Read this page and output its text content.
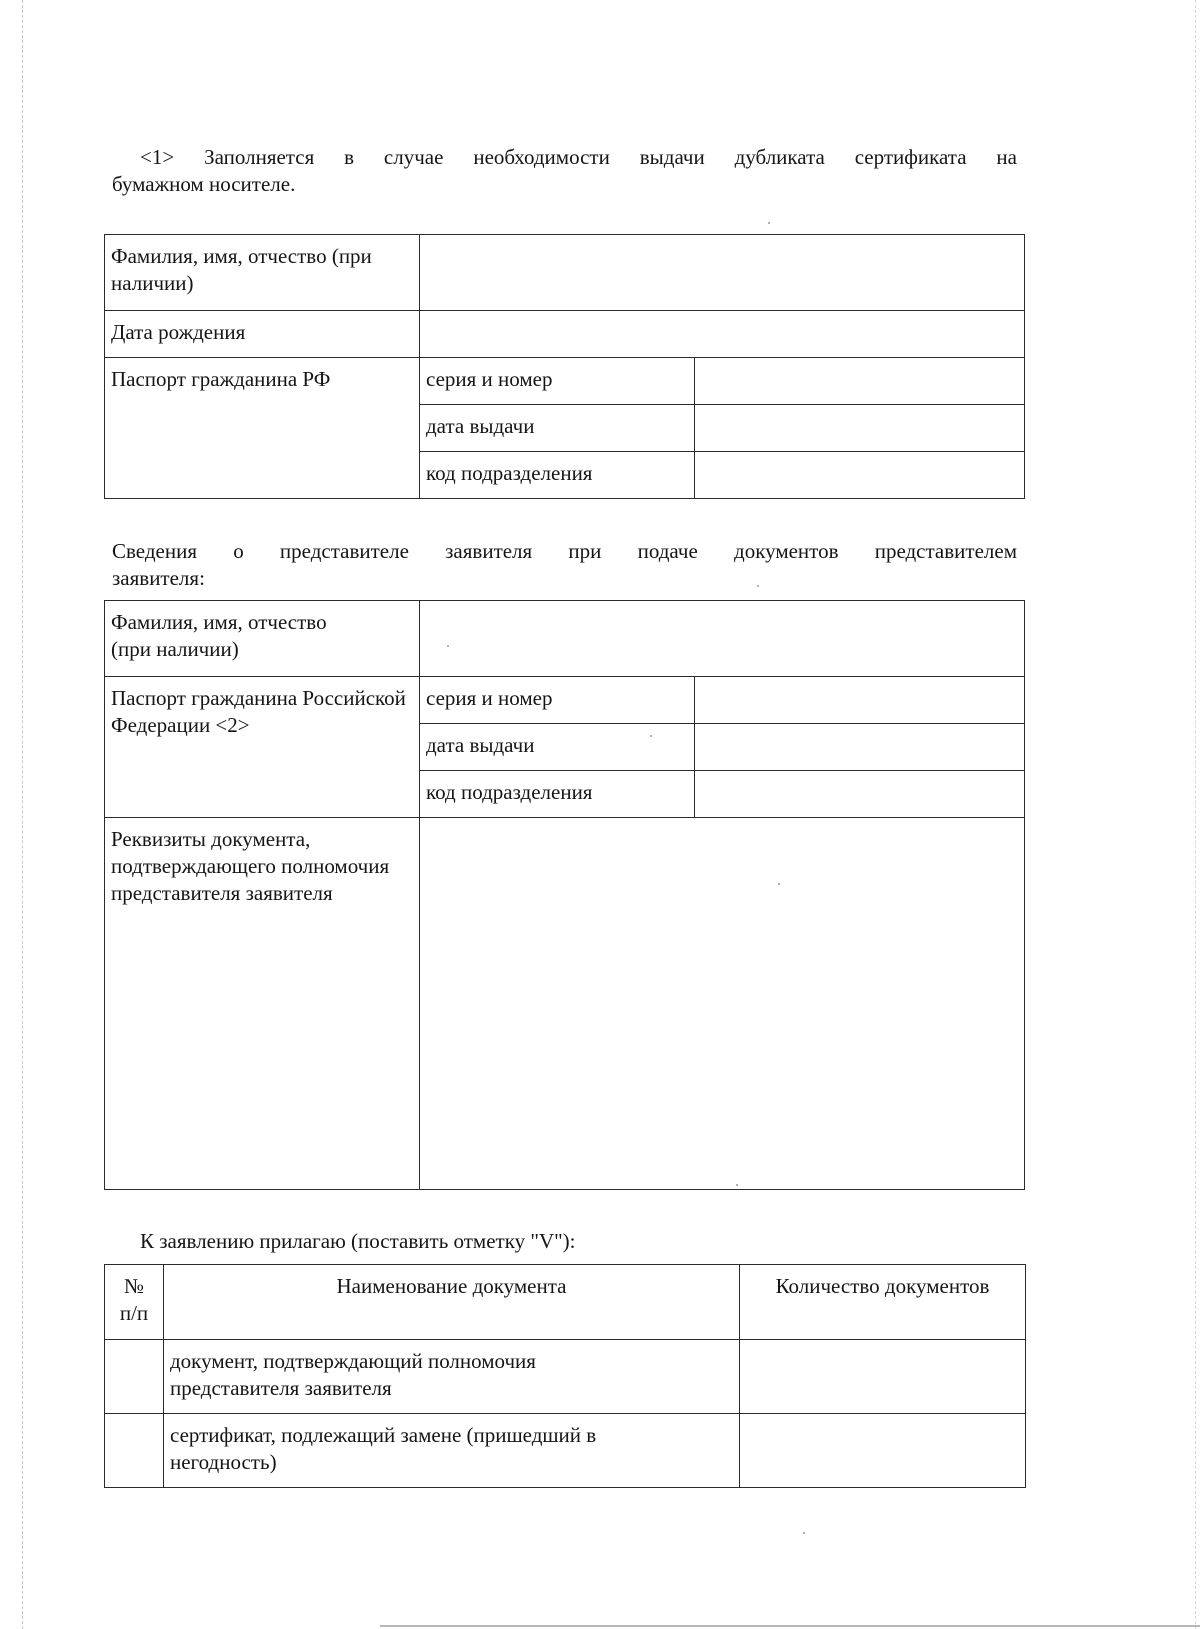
<1> Заполняется в случае необходимости выдачи дубликата сертификата на
бумажном носителе.
Фамилия, имя, отчество (при наличии)		
Дата рождения		
Паспорт гражданина РФ	серия и номер	
	дата выдачи	
	код подразделения	
Сведения о представителе заявителя при подаче документов представителем
заявителя:
Фамилия, имя, отчество (при наличии)		
Паспорт гражданина Российской Федерации <2>	серия и номер	
	дата выдачи	
	код подразделения	
Реквизиты документа, подтверждающего полномочия представителя заявителя		
К заявлению прилагаю (поставить отметку "V"):
№ п/п	Наименование документа	Количество документов
	документ, подтверждающий полномочия представителя заявителя	
	сертификат, подлежащий замене (пришедший в негодность)	
